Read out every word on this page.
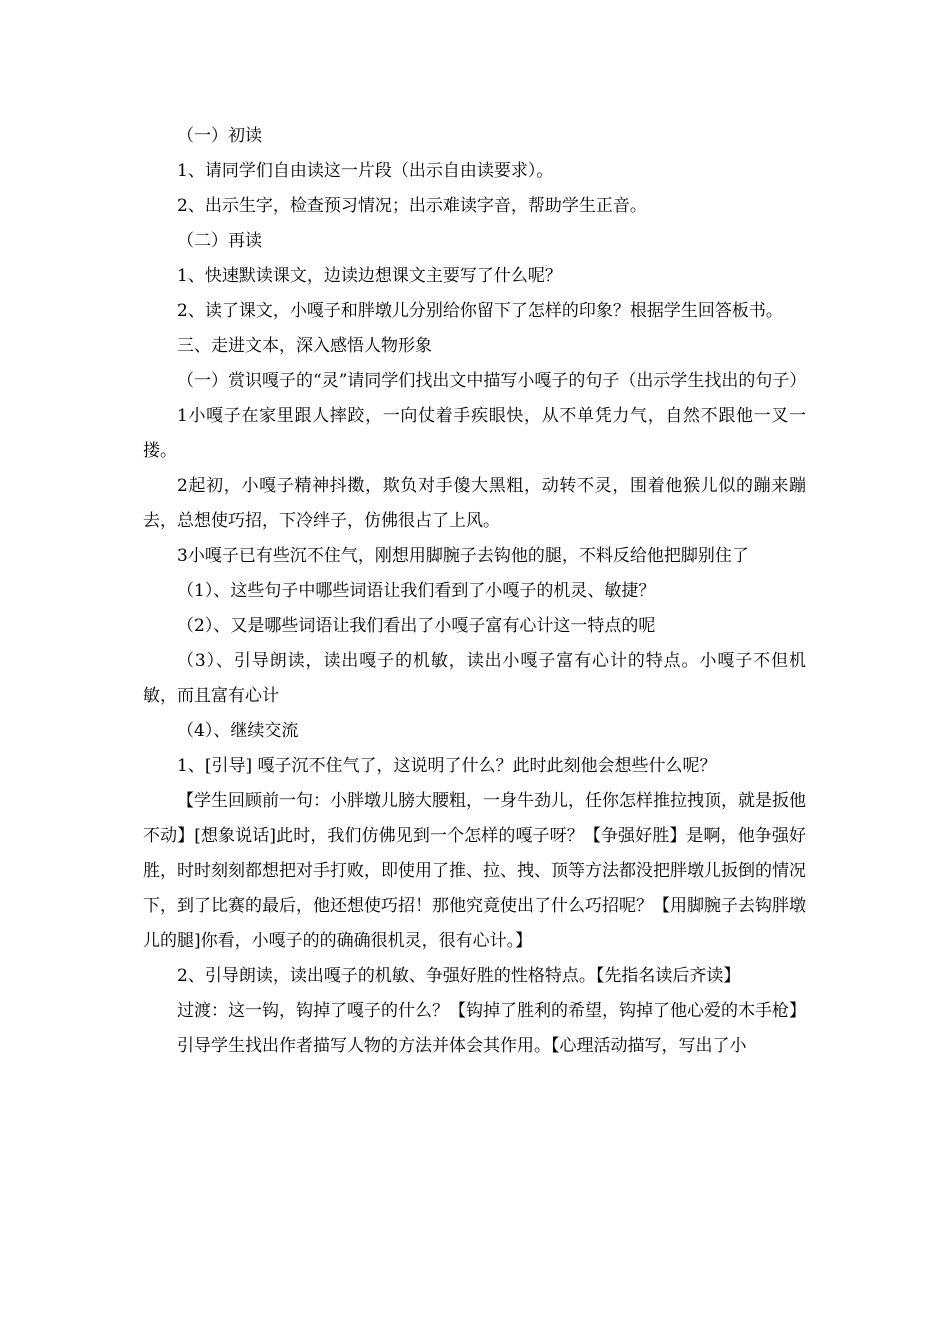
（一）初读

1、请同学们自由读这一片段（出示自由读要求）。

2、出示生字，检查预习情况；出示难读字音，帮助学生正音。

（二）再读

1、快速默读课文，边读边想课文主要写了什么呢？

2、读了课文，小嘎子和胖墩儿分别给你留下了怎样的印象？根据学生回答板书。

三、走进文本，深入感悟人物形象

（一）赏识嘎子的“灵”请同学们找出文中描写小嘎子的句子（出示学生找出的句子）

1小嘎子在家里跟人摔跤，一向仗着手疾眼快，从不单凭力气，自然不跟他一叉一搂。

2起初，小嘎子精神抖擞，欺负对手傻大黑粗，动转不灵，围着他猴儿似的蹦来蹦去，总想使巧招，下冷绊子，仿佛很占了上风。

3小嘎子已有些沉不住气，刚想用脚腕子去钩他的腿，不料反给他把脚别住了

（1）、这些句子中哪些词语让我们看到了小嘎子的机灵、敏捷？

（2）、又是哪些词语让我们看出了小嘎子富有心计这一特点的呢

（3）、引导朗读，读出嘎子的机敏，读出小嘎子富有心计的特点。小嘎子不但机敏，而且富有心计

（4）、继续交流

1、[引导] 嘎子沉不住气了，这说明了什么？此时此刻他会想些什么呢？

【学生回顾前一句：小胖墩儿膀大腰粗，一身牛劲儿，任你怎样推拉拽顶，就是扳他不动】[想象说话]此时，我们仿佛见到一个怎样的嘎子呀？【争强好胜】是啊，他争强好胜，时时刻刻都想把对手打败，即使用了推、拉、拽、顶等方法都没把胖墩儿扳倒的情况下，到了比赛的最后，他还想使巧招！那他究竟使出了什么巧招呢？【用脚腕子去钩胖墩儿的腿]你看，小嘎子的的确确很机灵，很有心计。】

2、引导朗读，读出嘎子的机敏、争强好胜的性格特点。【先指名读后齐读】

过渡：这一钩，钩掉了嘎子的什么？【钩掉了胜利的希望，钩掉了他心爱的木手枪】

引导学生找出作者描写人物的方法并体会其作用。【心理活动描写，写出了小
